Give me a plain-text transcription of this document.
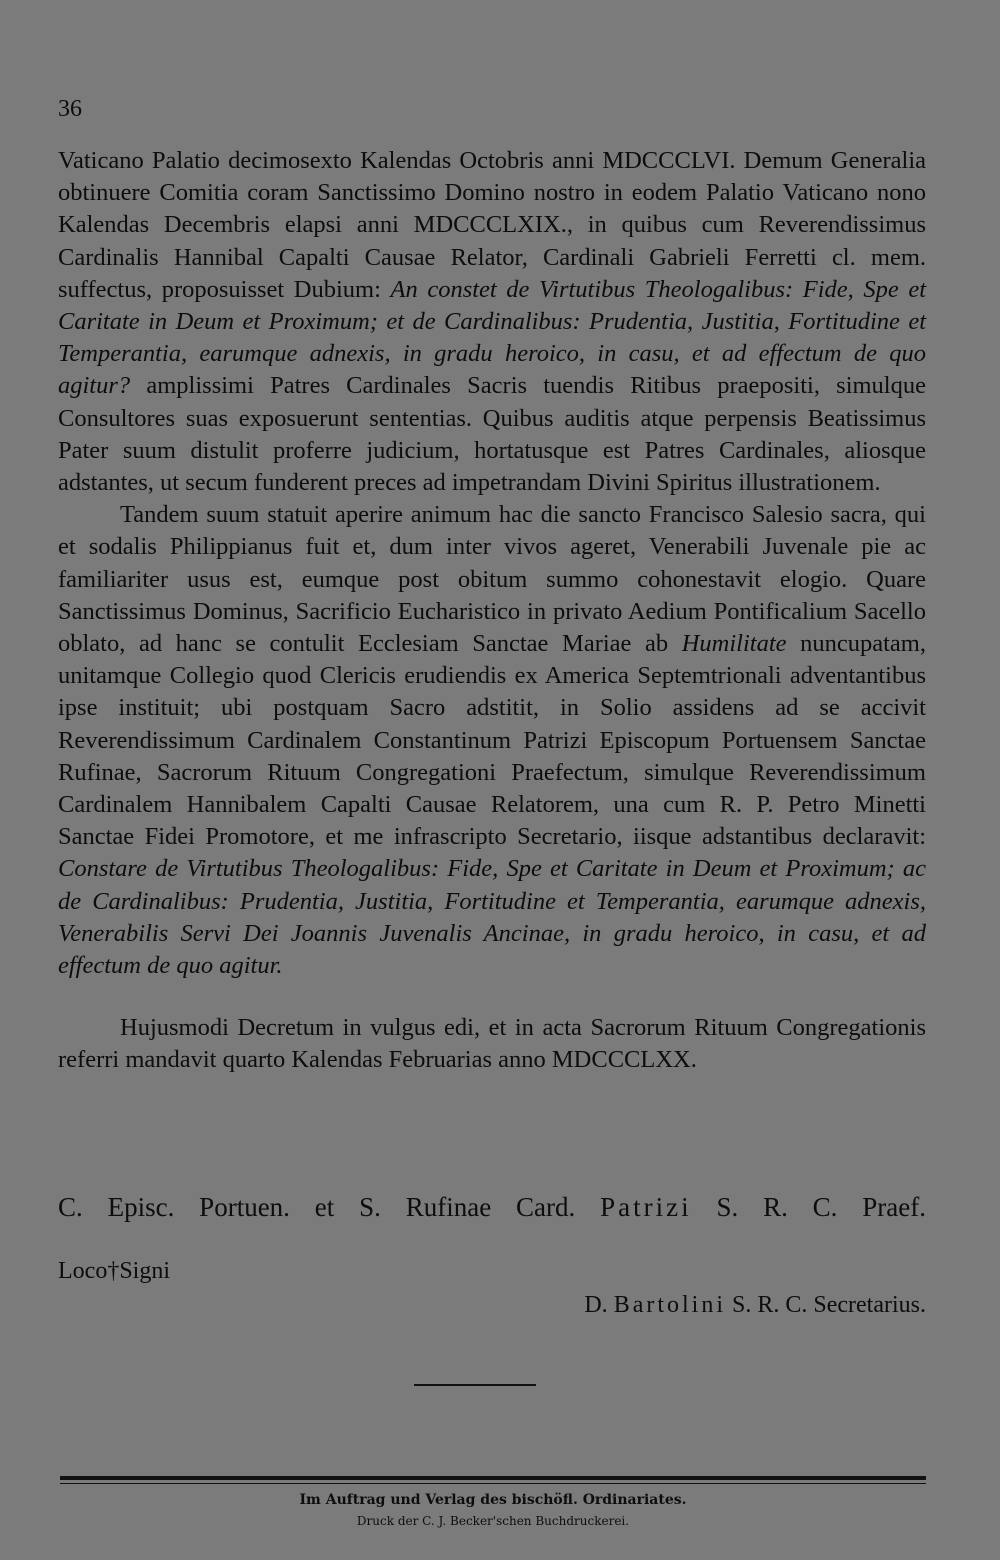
36

Vaticano Palatio decimosexto Kalendas Octobris anni MDCCCLVI. Demum Generalia obtinuere Comitia coram Sanctissimo Domino nostro in eodem Palatio Vaticano nono Kalendas Decembris elapsi anni MDCCCLXIX., in quibus cum Reverendissimus Cardinalis Hannibal Capalti Causae Relator, Cardinali Gabrieli Ferretti cl. mem. suffectus, proposuisset Dubium: An constet de Virtutibus Theologalibus: Fide, Spe et Caritate in Deum et Proximum; et de Cardinalibus: Prudentia, Justitia, Fortitudine et Temperantia, earumque adnexis, in gradu heroico, in casu, et ad effectum de quo agitur? amplissimi Patres Cardinales Sacris tuendis Ritibus praepositi, simulque Consultores suas exposuerunt sententias. Quibus auditis atque perpensis Beatissimus Pater suum distulit proferre judicium, hortatusque est Patres Cardinales, aliosque adstantes, ut secum funderent preces ad impetrandam Divini Spiritus illustrationem.

Tandem suum statuit aperire animum hac die sancto Francisco Salesio sacra, qui et sodalis Philippianus fuit et, dum inter vivos ageret, Venerabili Juvenale pie ac familiariter usus est, eumque post obitum summo cohonestavit elogio. Quare Sanctissimus Dominus, Sacrificio Eucharistico in privato Aedium Pontificalium Sacello oblato, ad hanc se contulit Ecclesiam Sanctae Mariae ab Humilitate nuncupatam, unitamque Collegio quod Clericis erudiendis ex America Septemtrionali adventantibus ipse instituit; ubi postquam Sacro adstitit, in Solio assidens ad se accivit Reverendissimum Cardinalem Constantinum Patrizi Episcopum Portuensem Sanctae Rufinae, Sacrorum Rituum Congregationi Praefectum, simulque Reverendissimum Cardinalem Hannibalem Capalti Causae Relatorem, una cum R. P. Petro Minetti Sanctae Fidei Promotore, et me infrascripto Secretario, iisque adstantibus declaravit: Constare de Virtutibus Theologalibus: Fide, Spe et Caritate in Deum et Proximum; ac de Cardinalibus: Prudentia, Justitia, Fortitudine et Temperantia, earumque adnexis, Venerabilis Servi Dei Joannis Juvenalis Ancinae, in gradu heroico, in casu, et ad effectum de quo agitur.

Hujusmodi Decretum in vulgus edi, et in acta Sacrorum Rituum Congregationis referri mandavit quarto Kalendas Februarias anno MDCCCLXX.

C. Episc. Portuen. et S. Rufinae Card. Patrizi S. R. C. Praef.
Loco†Signi
D. Bartolini S. R. C. Secretarius.
Im Auftrag und Verlag des bischöfl. Ordinariates.
Druck der C. J. Becker'schen Buchdruckerei.
